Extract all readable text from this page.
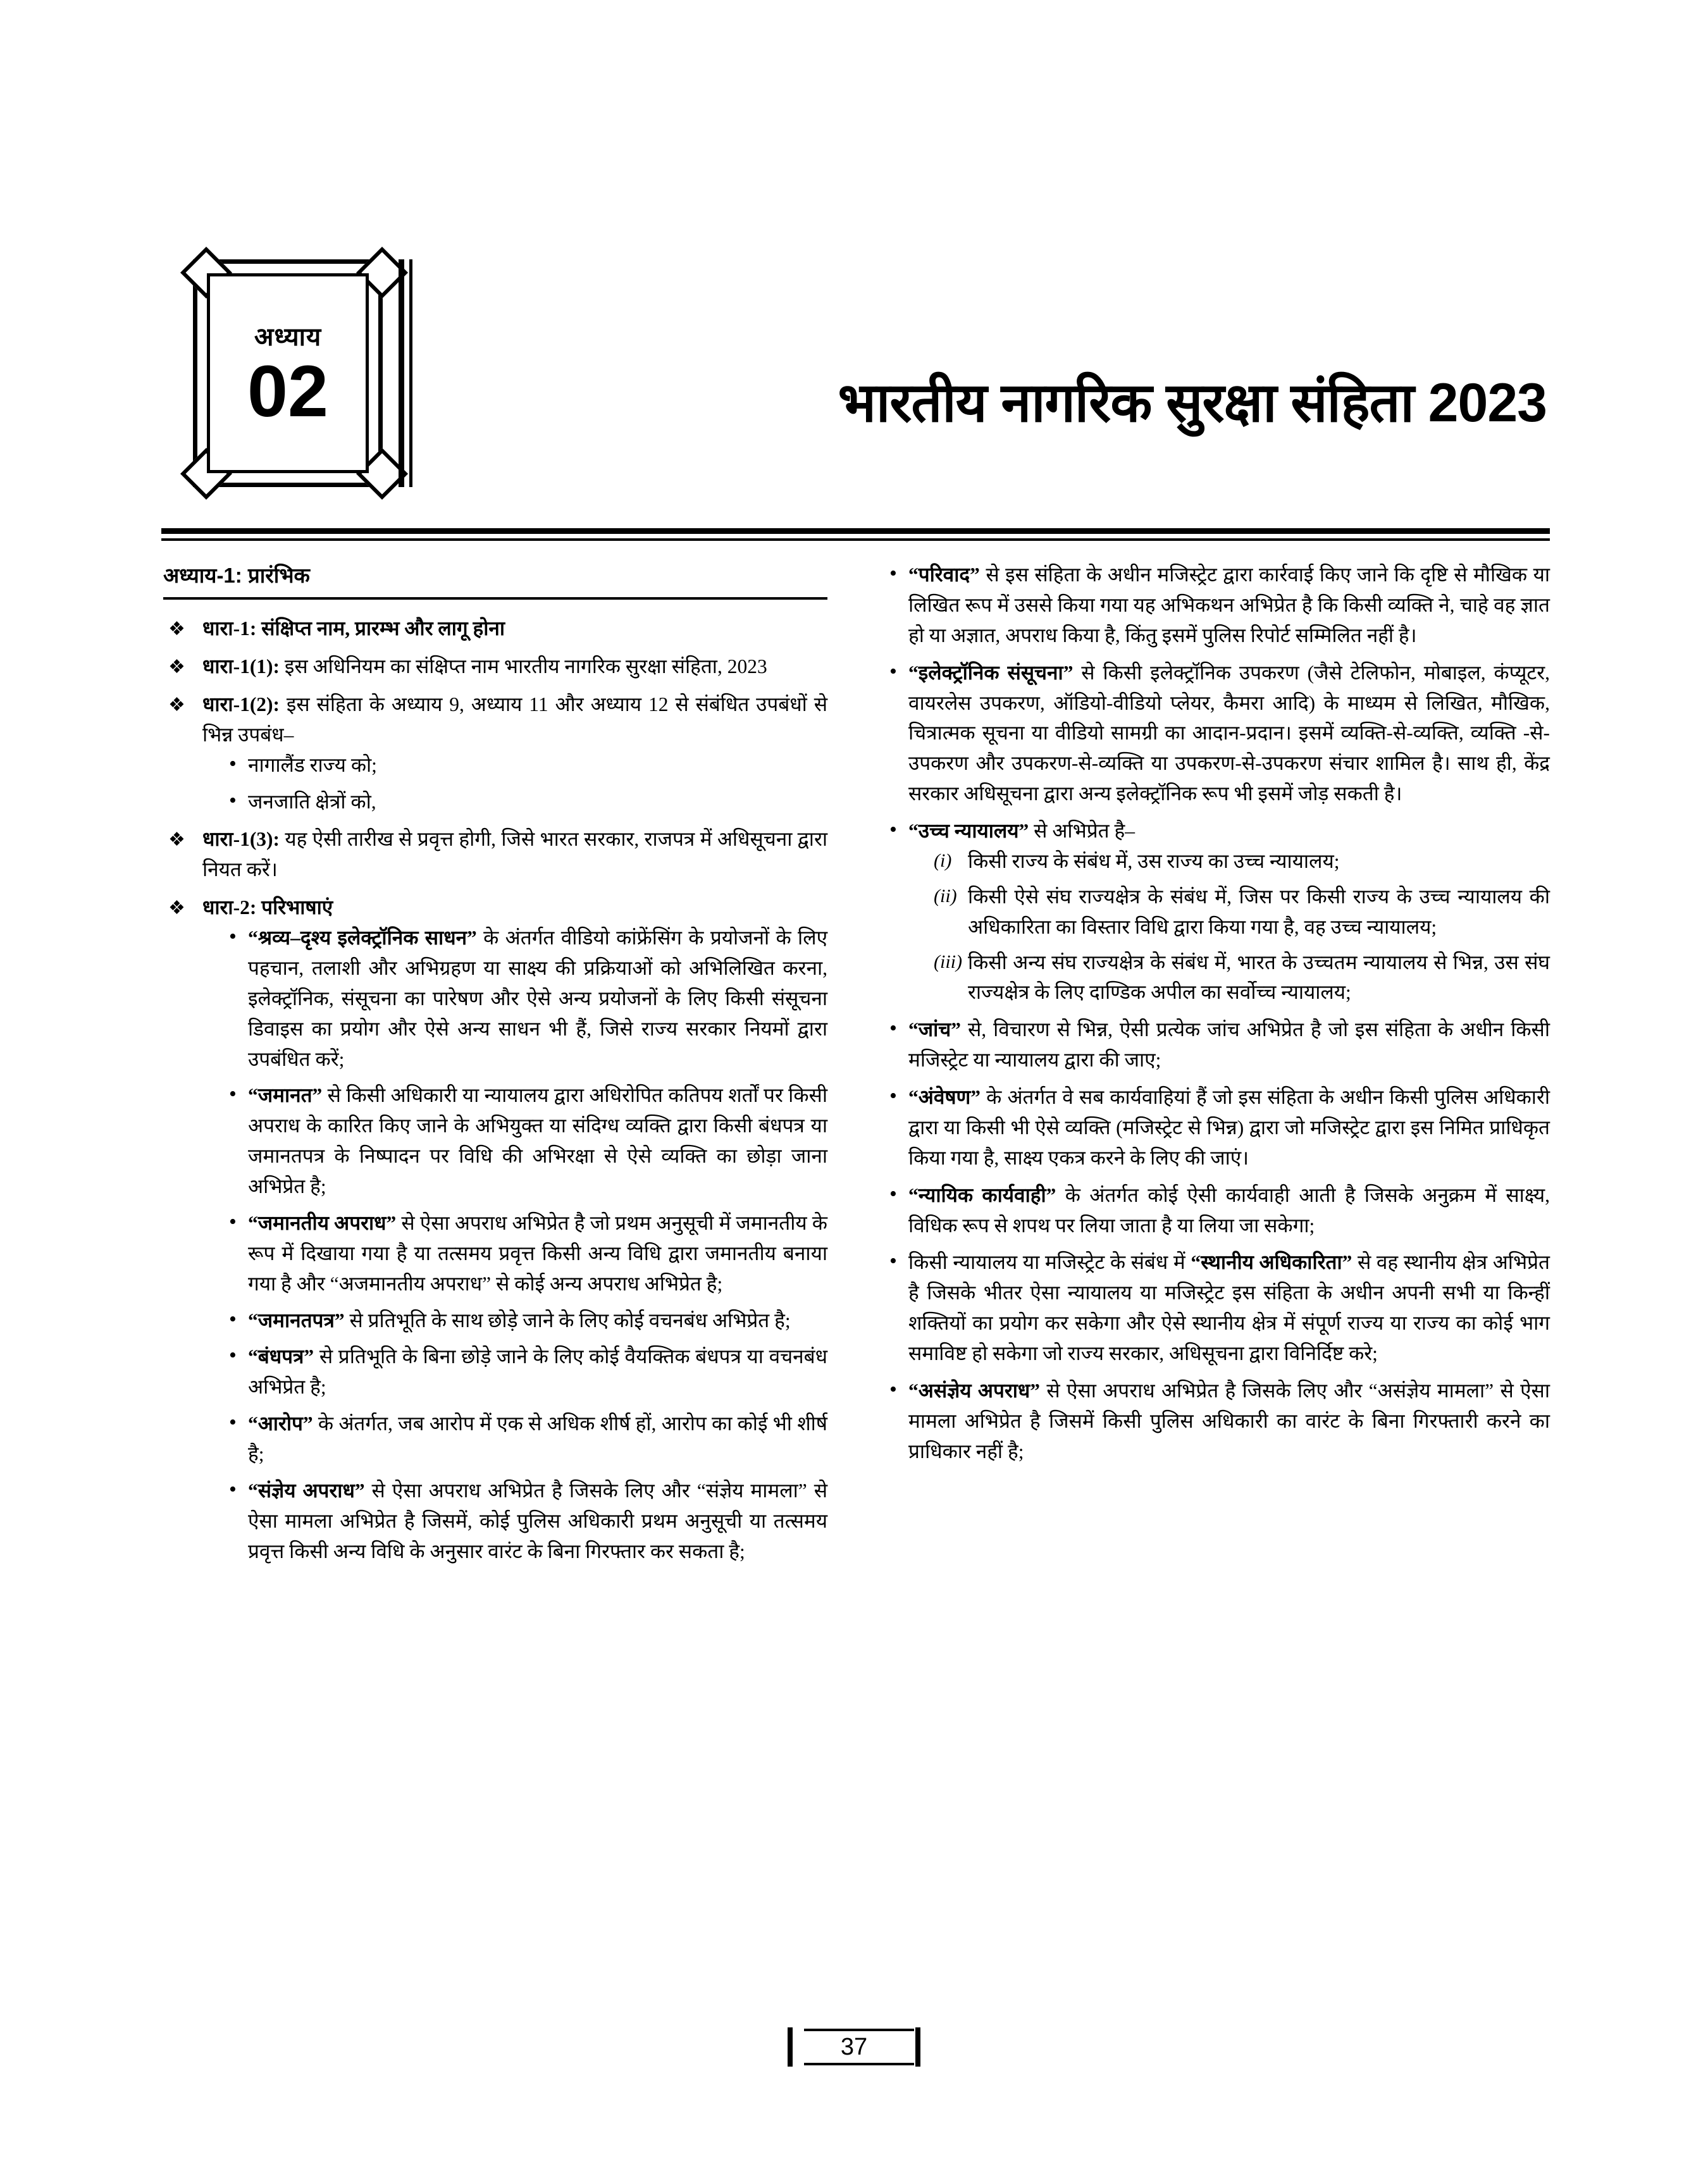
अध्याय
02	भारतीय नागरिक सुरक्षा संहिता 2023
अध्याय-1: प्रारंभिक
❖ धारा-1: संक्षिप्त नाम, प्रारम्भ और लागू होना
❖ धारा-1(1): इस अधिनियम का संक्षिप्त नाम भारतीय नागरिक सुरक्षा संहिता, 2023
❖ धारा-1(2): इस संहिता के अध्याय 9, अध्याय 11 और अध्याय 12 से संबंधित उपबंधों से भिन्न उपबंध–
• नागालैंड राज्य को;
• जनजाति क्षेत्रों को,
❖ धारा-1(3): यह ऐसी तारीख से प्रवृत्त होगी, जिसे भारत सरकार, राजपत्र में अधिसूचना द्वारा नियत करें।
❖ धारा-2: परिभाषाएं
• “श्रव्य–दृश्य इलेक्ट्रॉनिक साधन” के अंतर्गत वीडियो कांफ्रेंसिंग के प्रयोजनों के लिए पहचान, तलाशी और अभिग्रहण या साक्ष्य की प्रक्रियाओं को अभिलिखित करना, इलेक्ट्रॉनिक, संसूचना का पारेषण और ऐसे अन्य प्रयोजनों के लिए किसी संसूचना डिवाइस का प्रयोग और ऐसे अन्य साधन भी हैं, जिसे राज्य सरकार नियमों द्वारा उपबंधित करें;
• “जमानत” से किसी अधिकारी या न्यायालय द्वारा अधिरोपित कतिपय शर्तों पर किसी अपराध के कारित किए जाने के अभियुक्त या संदिग्ध व्यक्ति द्वारा किसी बंधपत्र या जमानतपत्र के निष्पादन पर विधि की अभिरक्षा से ऐसे व्यक्ति का छोड़ा जाना अभिप्रेत है;
• “जमानतीय अपराध” से ऐसा अपराध अभिप्रेत है जो प्रथम अनुसूची में जमानतीय के रूप में दिखाया गया है या तत्समय प्रवृत्त किसी अन्य विधि द्वारा जमानतीय बनाया गया है और “अजमानतीय अपराध” से कोई अन्य अपराध अभिप्रेत है;
• “जमानतपत्र” से प्रतिभूति के साथ छोड़े जाने के लिए कोई वचनबंध अभिप्रेत है;
• “बंधपत्र” से प्रतिभूति के बिना छोड़े जाने के लिए कोई वैयक्तिक बंधपत्र या वचनबंध अभिप्रेत है;
• “आरोप” के अंतर्गत, जब आरोप में एक से अधिक शीर्ष हों, आरोप का कोई भी शीर्ष है;
• “संज्ञेय अपराध” से ऐसा अपराध अभिप्रेत है जिसके लिए और “संज्ञेय मामला” से ऐसा मामला अभिप्रेत है जिसमें, कोई पुलिस अधिकारी प्रथम अनुसूची या तत्समय प्रवृत्त किसी अन्य विधि के अनुसार वारंट के बिना गिरफ्तार कर सकता है;
• “परिवाद” से इस संहिता के अधीन मजिस्ट्रेट द्वारा कार्रवाई किए जाने कि दृष्टि से मौखिक या लिखित रूप में उससे किया गया यह अभिकथन अभिप्रेत है कि किसी व्यक्ति ने, चाहे वह ज्ञात हो या अज्ञात, अपराध किया है, किंतु इसमें पुलिस रिपोर्ट सम्मिलित नहीं है।
• “इलेक्ट्रॉनिक संसूचना” से किसी इलेक्ट्रॉनिक उपकरण (जैसे टेलिफोन, मोबाइल, कंप्यूटर, वायरलेस उपकरण, ऑडियो-वीडियो प्लेयर, कैमरा आदि) के माध्यम से लिखित, मौखिक, चित्रात्मक सूचना या वीडियो सामग्री का आदान-प्रदान। इसमें व्यक्ति-से-व्यक्ति, व्यक्ति -से-उपकरण और उपकरण-से-व्यक्ति या उपकरण-से-उपकरण संचार शामिल है। साथ ही, केंद्र सरकार अधिसूचना द्वारा अन्य इलेक्ट्रॉनिक रूप भी इसमें जोड़ सकती है।
• “उच्च न्यायालय” से अभिप्रेत है–
(i) किसी राज्य के संबंध में, उस राज्य का उच्च न्यायालय;
(ii) किसी ऐसे संघ राज्यक्षेत्र के संबंध में, जिस पर किसी राज्य के उच्च न्यायालय की अधिकारिता का विस्तार विधि द्वारा किया गया है, वह उच्च न्यायालय;
(iii) किसी अन्य संघ राज्यक्षेत्र के संबंध में, भारत के उच्चतम न्यायालय से भिन्न, उस संघ राज्यक्षेत्र के लिए दाण्डिक अपील का सर्वोच्च न्यायालय;
• “जांच” से, विचारण से भिन्न, ऐसी प्रत्येक जांच अभिप्रेत है जो इस संहिता के अधीन किसी मजिस्ट्रेट या न्यायालय द्वारा की जाए;
• “अंवेषण” के अंतर्गत वे सब कार्यवाहियां हैं जो इस संहिता के अधीन किसी पुलिस अधिकारी द्वारा या किसी भी ऐसे व्यक्ति (मजिस्ट्रेट से भिन्न) द्वारा जो मजिस्ट्रेट द्वारा इस निमित प्राधिकृत किया गया है, साक्ष्य एकत्र करने के लिए की जाएं।
• “न्यायिक कार्यवाही” के अंतर्गत कोई ऐसी कार्यवाही आती है जिसके अनुक्रम में साक्ष्य, विधिक रूप से शपथ पर लिया जाता है या लिया जा सकेगा;
• किसी न्यायालय या मजिस्ट्रेट के संबंध में “स्थानीय अधिकारिता” से वह स्थानीय क्षेत्र अभिप्रेत है जिसके भीतर ऐसा न्यायालय या मजिस्ट्रेट इस संहिता के अधीन अपनी सभी या किन्हीं शक्तियों का प्रयोग कर सकेगा और ऐसे स्थानीय क्षेत्र में संपूर्ण राज्य या राज्य का कोई भाग समाविष्ट हो सकेगा जो राज्य सरकार, अधिसूचना द्वारा विनिर्दिष्ट करे;
• “असंज्ञेय अपराध” से ऐसा अपराध अभिप्रेत है जिसके लिए और “असंज्ञेय मामला” से ऐसा मामला अभिप्रेत है जिसमें किसी पुलिस अधिकारी का वारंट के बिना गिरफ्तारी करने का प्राधिकार नहीं है;
37
